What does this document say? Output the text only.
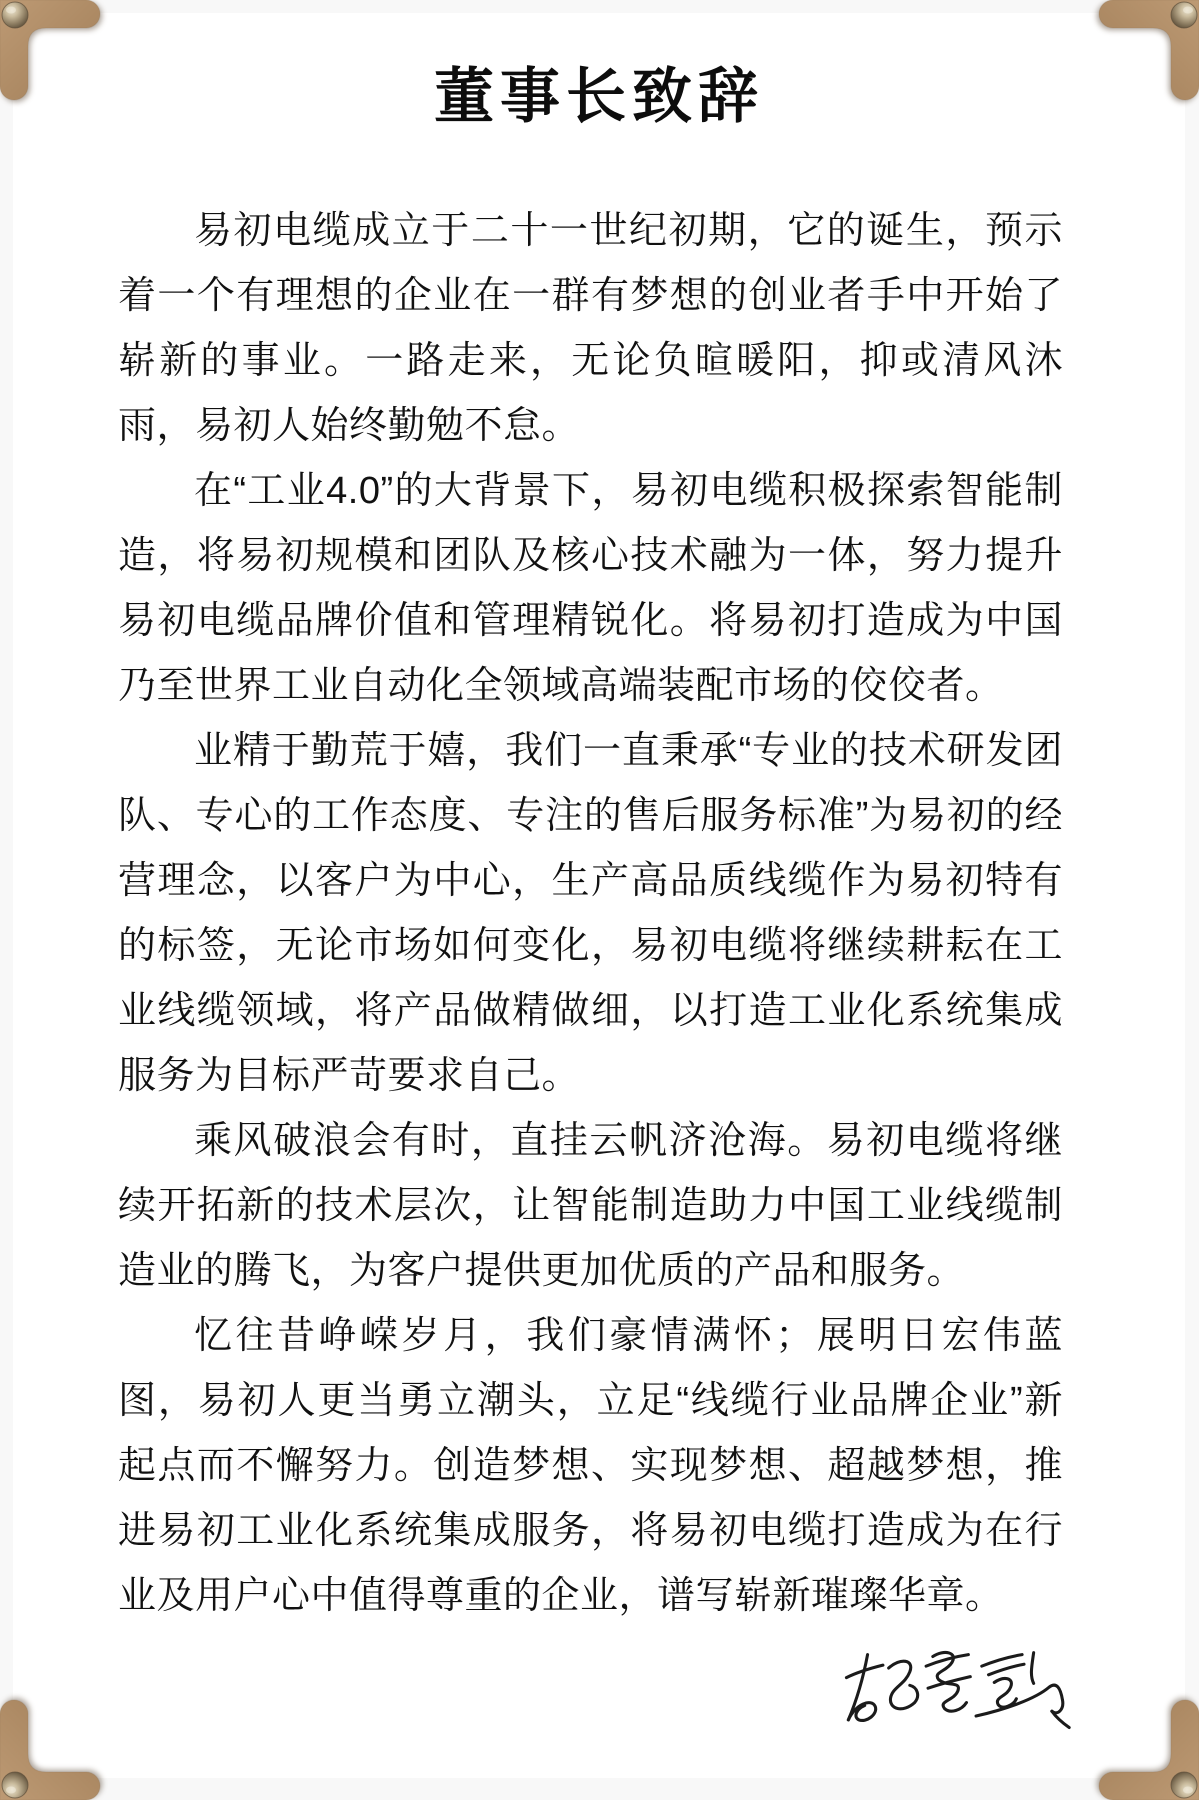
董事长致辞

易初电缆成立于二十一世纪初期，它的诞生，预示着一个有理想的企业在一群有梦想的创业者手中开始了崭新的事业。一路走来，无论负暄暖阳，抑或清风沐雨，易初人始终勤勉不怠。

在“工业4.0”的大背景下，易初电缆积极探索智能制造，将易初规模和团队及核心技术融为一体，努力提升易初电缆品牌价值和管理精锐化。将易初打造成为中国乃至世界工业自动化全领域高端装配市场的佼佼者。

业精于勤荒于嬉，我们一直秉承“专业的技术研发团队、专心的工作态度、专注的售后服务标准”为易初的经营理念，以客户为中心，生产高品质线缆作为易初特有的标签，无论市场如何变化，易初电缆将继续耕耘在工业线缆领域，将产品做精做细，以打造工业化系统集成服务为目标严苛要求自己。

乘风破浪会有时，直挂云帆济沧海。易初电缆将继续开拓新的技术层次，让智能制造助力中国工业线缆制造业的腾飞，为客户提供更加优质的产品和服务。

忆往昔峥嵘岁月，我们豪情满怀；展明日宏伟蓝图，易初人更当勇立潮头，立足“线缆行业品牌企业”新起点而不懈努力。创造梦想、实现梦想、超越梦想，推进易初工业化系统集成服务，将易初电缆打造成为在行业及用户心中值得尊重的企业，谱写崭新璀璨华章。
